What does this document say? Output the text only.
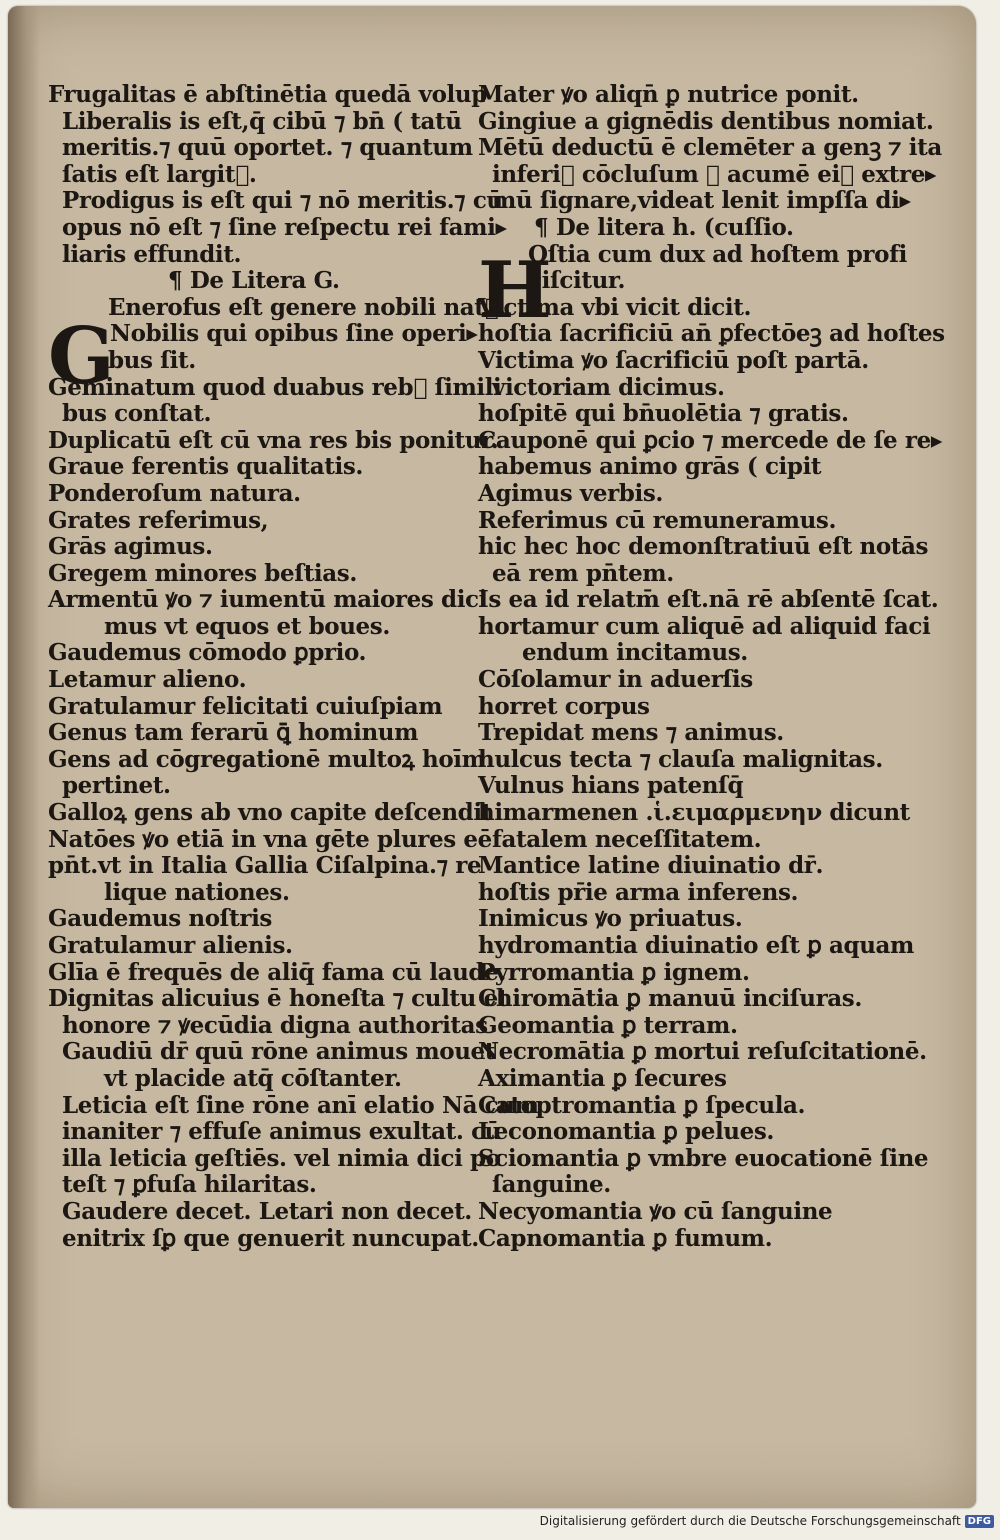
G
H
Frugalitas ē abſtinētia quedā volup
Liberalis is eſt,q̄ cibū ⁊ bn̄ ( tatū
meritis.⁊ quū oportet. ⁊ quantum
ſatis eſt largit᷑.
Prodigus is eſt qui ⁊ nō meritis.⁊ cū
opus nō eſt ⁊ ſine reſpectu rei fami▸
liaris effundit.
¶ De Litera G.
Enerofus eſt genere nobili nat᷑.
Nobilis qui opibus ſine operi▸
bus ſit.
Geminatum quod duabus reb᷑ ſimili
bus conſtat.
Duplicatū eſt cū vna res bis ponitur.
Graue ferentis qualitatis.
Ponderoſum natura.
Grates referimus,
Grās agimus.
Gregem minores beſtias.
Armentū ꝟo ⁊ iumentū maiores dici
mus vt equos et boues.
Gaudemus cōmodo ꝑprio.
Letamur alieno.
Gratulamur felicitati cuiuſpiam
Genus tam ferarū ꝗ̄ hominum
Gens ad cōgregationē multoꝝ hoīm
pertinet.
Galloꝝ gens ab vno capite deſcendit
Natōes ꝟo etiā in vna gēte plures eē
pn̄t.vt in Italia Gallia Ciſalpina.⁊ re
lique nationes.
Gaudemus noſtris
Gratulamur alienis.
Glīa ē frequēs de aliq̄ fama cū laude.
Dignitas alicuius ē honeſta ⁊ cultu et
honore ⁊ ꝟecūdia digna authoritas
Gaudiū dr̄ quū rōne animus mouet
vt placide atq̄ cōſtanter.
Leticia eſt ſine rōne anī elatio Nā cum
inaniter ⁊ effuſe animus exultat. cū
illa leticia geſtiēs. vel nimia dici po
teſt ⁊ ꝑfuſa hilaritas.
Gaudere decet. Letari non decet.
enitrix ſꝑ que genuerit nuncupat.
Mater ꝟo aliqn̄ ꝑ nutrice ponit.
Gingiue a gignēdis dentibus nomiat.
Mētū deductū ē clemēter a genꝫ ⁊ ita
inferi᷑ cōcluſum ⁊ acumē ei᷑ extre▸
mū ſignare,videat lenit impſſa di▸
¶ De litera h. (cuſſio.
Oſtia cum dux ad hoſtem profi
ciſcitur.
Victima vbi vicit dicit.
hoſtia ſacrificiū an̄ ꝑfectōeꝫ ad hoſtes
Victima ꝟo ſacrificiū poſt partā.
victoriam dicimus.
hoſpitē qui bn̄uolētia ⁊ gratis.
Cauponē qui ꝑcio ⁊ mercede de ſe re▸
habemus animo grās ( cipit
Agimus verbis.
Referimus cū remuneramus.
hic hec hoc demonſtratiuū eſt notās
eā rem pn̄tem.
Is ea id relatm̄ eſt.nā rē abſentē ſcat.
hortamur cum aliquē ad aliquid faci
endum incitamus.
Cōſolamur in aduerſis
horret corpus
Trepidat mens ⁊ animus.
hulcus tecta ⁊ clauſa malignitas.
Vulnus hians patenſq̄
himarmenen .ἱ.ειμαρμενην dicunt
fatalem neceſſitatem.
Mantice latine diuinatio dr̄.
hoſtis pr̄ie arma inferens.
Inimicus ꝟo priuatus.
hydromantia diuinatio eſt ꝑ aquam
Pyrromantia ꝑ ignem.
Chiromātia ꝑ manuū inciſuras.
Geomantia ꝑ terram.
Necromātia ꝑ mortui reſuſcitationē.
Aximantia ꝑ ſecures
Catoptromantia ꝑ ſpecula.
Leconomantia ꝑ pelues.
Sciomantia ꝑ vmbre euocationē ſine
ſanguine.
Necyomantia ꝟo cū ſanguine
Capnomantia ꝑ fumum.
Digitalisierung gefördert durch die Deutsche Forschungsgemeinschaft DFG
